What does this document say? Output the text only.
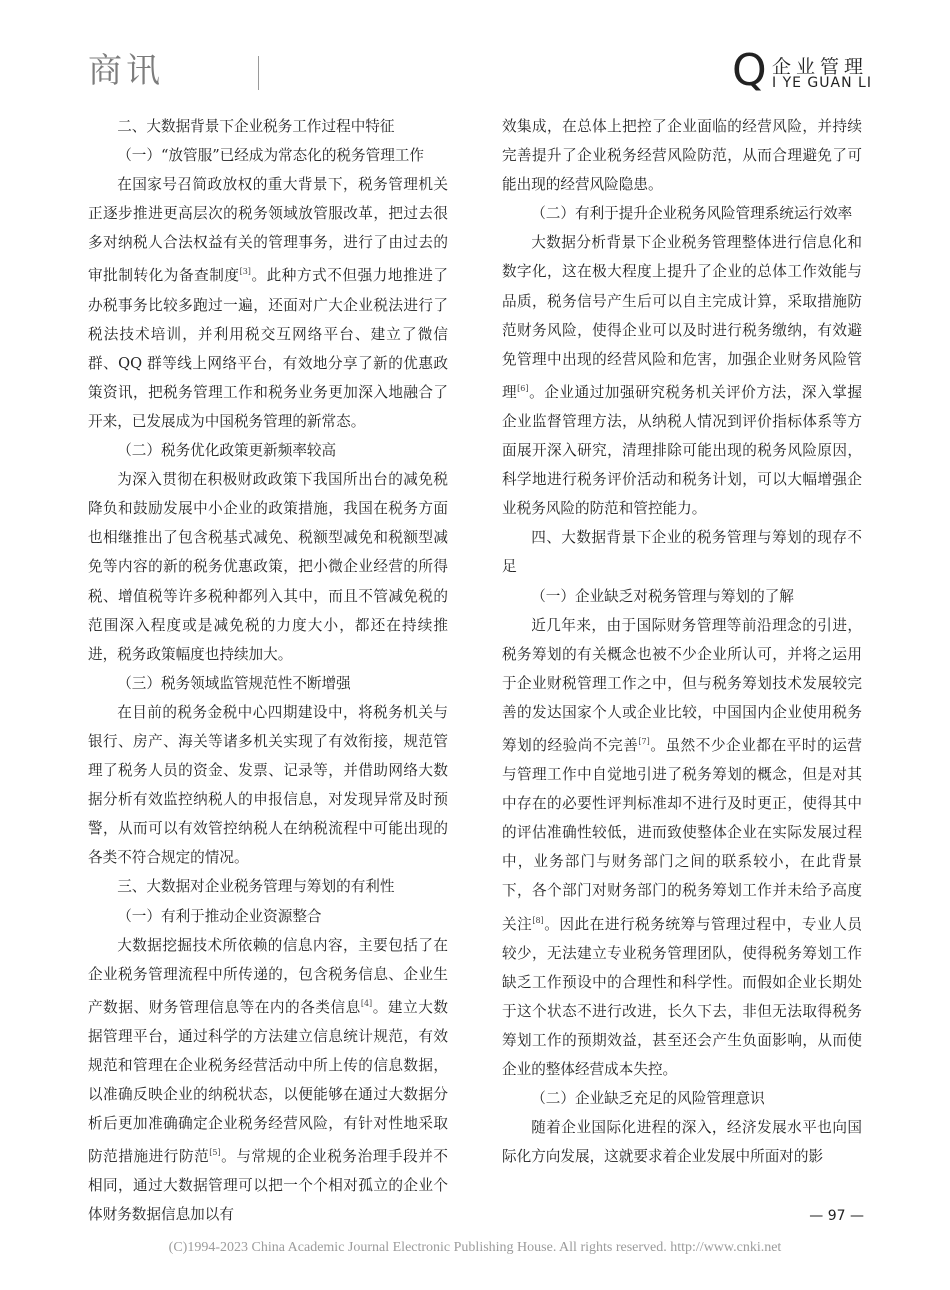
商讯	Q 企业管理
I YE GUAN LI

二、大数据背景下企业税务工作过程中特征

（一）“放管服”已经成为常态化的税务管理工作

在国家号召简政放权的重大背景下，税务管理机关正逐步推进更高层次的税务领域放管服改革，把过去很多对纳税人合法权益有关的管理事务，进行了由过去的审批制转化为备查制度[3]。此种方式不但强力地推进了办税事务比较多跑过一遍，还面对广大企业税法进行了税法技术培训，并利用税交互网络平台、建立了微信群、QQ 群等线上网络平台，有效地分享了新的优惠政策资讯，把税务管理工作和税务业务更加深入地融合了开来，已发展成为中国税务管理的新常态。

（二）税务优化政策更新频率较高

为深入贯彻在积极财政政策下我国所出台的减免税降负和鼓励发展中小企业的政策措施，我国在税务方面也相继推出了包含税基式减免、税额型减免和税额型减免等内容的新的税务优惠政策，把小微企业经营的所得税、增值税等许多税种都列入其中，而且不管减免税的范围深入程度或是减免税的力度大小，都还在持续推进，税务政策幅度也持续加大。

（三）税务领域监管规范性不断增强

在目前的税务金税中心四期建设中，将税务机关与银行、房产、海关等诸多机关实现了有效衔接，规范管理了税务人员的资金、发票、记录等，并借助网络大数据分析有效监控纳税人的申报信息，对发现异常及时预警，从而可以有效管控纳税人在纳税流程中可能出现的各类不符合规定的情况。

三、大数据对企业税务管理与筹划的有利性

（一）有利于推动企业资源整合

大数据挖掘技术所依赖的信息内容，主要包括了在企业税务管理流程中所传递的，包含税务信息、企业生产数据、财务管理信息等在内的各类信息[4]。建立大数据管理平台，通过科学的方法建立信息统计规范，有效规范和管理在企业税务经营活动中所上传的信息数据，以准确反映企业的纳税状态，以便能够在通过大数据分析后更加准确确定企业税务经营风险，有针对性地采取防范措施进行防范[5]。与常规的企业税务治理手段并不相同，通过大数据管理可以把一个个相对孤立的企业个体财务数据信息加以有

效集成，在总体上把控了企业面临的经营风险，并持续完善提升了企业税务经营风险防范，从而合理避免了可能出现的经营风险隐患。

（二）有利于提升企业税务风险管理系统运行效率

大数据分析背景下企业税务管理整体进行信息化和数字化，这在极大程度上提升了企业的总体工作效能与品质，税务信号产生后可以自主完成计算，采取措施防范财务风险，使得企业可以及时进行税务缴纳，有效避免管理中出现的经营风险和危害，加强企业财务风险管理[6]。企业通过加强研究税务机关评价方法，深入掌握企业监督管理方法，从纳税人情况到评价指标体系等方面展开深入研究，清理排除可能出现的税务风险原因，科学地进行税务评价活动和税务计划，可以大幅增强企业税务风险的防范和管控能力。

四、大数据背景下企业的税务管理与筹划的现存不足

（一）企业缺乏对税务管理与筹划的了解

近几年来，由于国际财务管理等前沿理念的引进，税务筹划的有关概念也被不少企业所认可，并将之运用于企业财税管理工作之中，但与税务筹划技术发展较完善的发达国家个人或企业比较，中国国内企业使用税务筹划的经验尚不完善[7]。虽然不少企业都在平时的运营与管理工作中自觉地引进了税务筹划的概念，但是对其中存在的必要性评判标准却不进行及时更正，使得其中的评估准确性较低，进而致使整体企业在实际发展过程中，业务部门与财务部门之间的联系较小，在此背景下，各个部门对财务部门的税务筹划工作并未给予高度关注[8]。因此在进行税务统筹与管理过程中，专业人员较少，无法建立专业税务管理团队，使得税务筹划工作缺乏工作预设中的合理性和科学性。而假如企业长期处于这个状态不进行改进，长久下去，非但无法取得税务筹划工作的预期效益，甚至还会产生负面影响，从而使企业的整体经营成本失控。

（二）企业缺乏充足的风险管理意识

随着企业国际化进程的深入，经济发展水平也向国际化方向发展，这就要求着企业发展中所面对的影

— 97 —
(C)1994-2023 China Academic Journal Electronic Publishing House. All rights reserved. http://www.cnki.net
